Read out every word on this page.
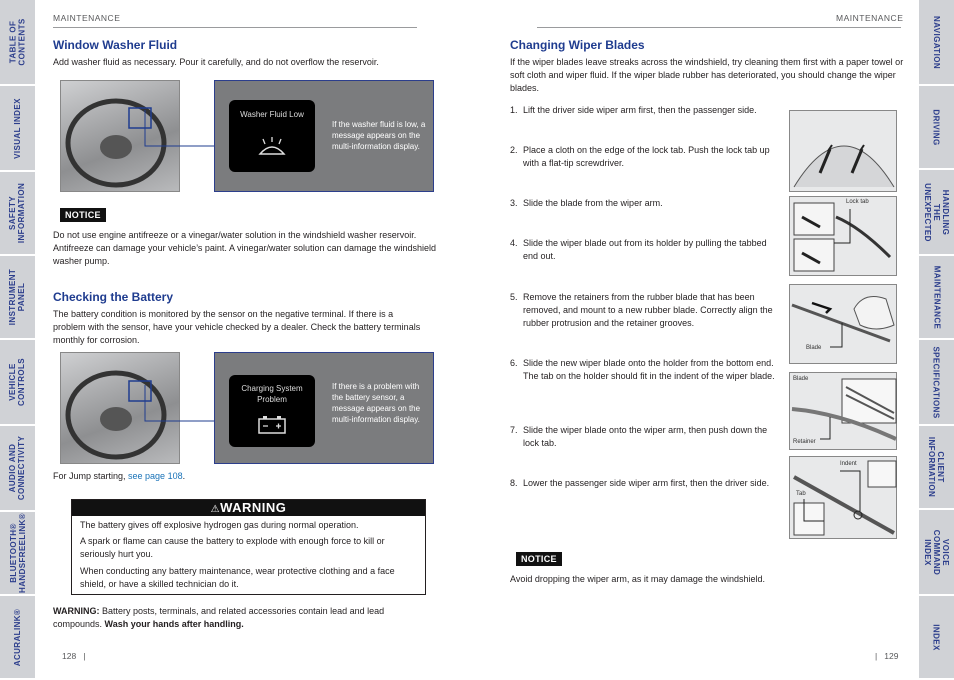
TABLE OF CONTENTS
VISUAL INDEX
SAFETY INFORMATION
INSTRUMENT PANEL
VEHICLE CONTROLS
AUDIO AND CONNECTIVITY
BLUETOOTH® HANDSFREELINK®
ACURALINK®
NAVIGATION
DRIVING
HANDLING THE UNEXPECTED
MAINTENANCE
SPECIFICATIONS
CLIENT INFORMATION
VOICE COMMAND INDEX
INDEX
MAINTENANCE	MAINTENANCE
Window Washer Fluid
Add washer fluid as necessary. Pour it carefully, and do not overflow the reservoir.
Washer Fluid Low
If the washer fluid is low, a message appears on the multi-information display.
NOTICE
Do not use engine antifreeze or a vinegar/water solution in the windshield washer reservoir. Antifreeze can damage your vehicle’s paint. A vinegar/water solution can damage the windshield washer pump.
Checking the Battery
The battery condition is monitored by the sensor on the negative terminal. If there is a problem with the sensor, have your vehicle checked by a dealer. Check the battery terminals monthly for corrosion.
Charging System Problem
If there is a problem with the battery sensor, a message appears on the multi-information display.
For Jump starting, see page 108.
⚠WARNING
The battery gives off explosive hydrogen gas during normal operation.
A spark or flame can cause the battery to explode with enough force to kill or seriously hurt you.
When conducting any battery maintenance, wear protective clothing and a face shield, or have a skilled technician do it.
WARNING: Battery posts, terminals, and related accessories contain lead and lead compounds. Wash your hands after handling.
128   |	|   129
Changing Wiper Blades
If the wiper blades leave streaks across the windshield, try cleaning them first with a paper towel or soft cloth and wiper fluid. If the wiper blade rubber has deteriorated, you should change the wiper blades.
1. Lift the driver side wiper arm first, then the passenger side.
2. Place a cloth on the edge of the lock tab. Push the lock tab up with a flat-tip screwdriver.
3. Slide the blade from the wiper arm.
4. Slide the wiper blade out from its holder by pulling the tabbed end out.
5. Remove the retainers from the rubber blade that has been removed, and mount to a new rubber blade. Correctly align the rubber protrusion and the retainer grooves.
6. Slide the new wiper blade onto the holder from the bottom end. The tab on the holder should fit in the indent of the wiper blade.
7. Slide the wiper blade onto the wiper arm, then push down the lock tab.
8. Lower the passenger side wiper arm first, then the driver side.
Lock tab
Blade
Blade
Retainer
Indent
Tab
NOTICE
Avoid dropping the wiper arm, as it may damage the windshield.
